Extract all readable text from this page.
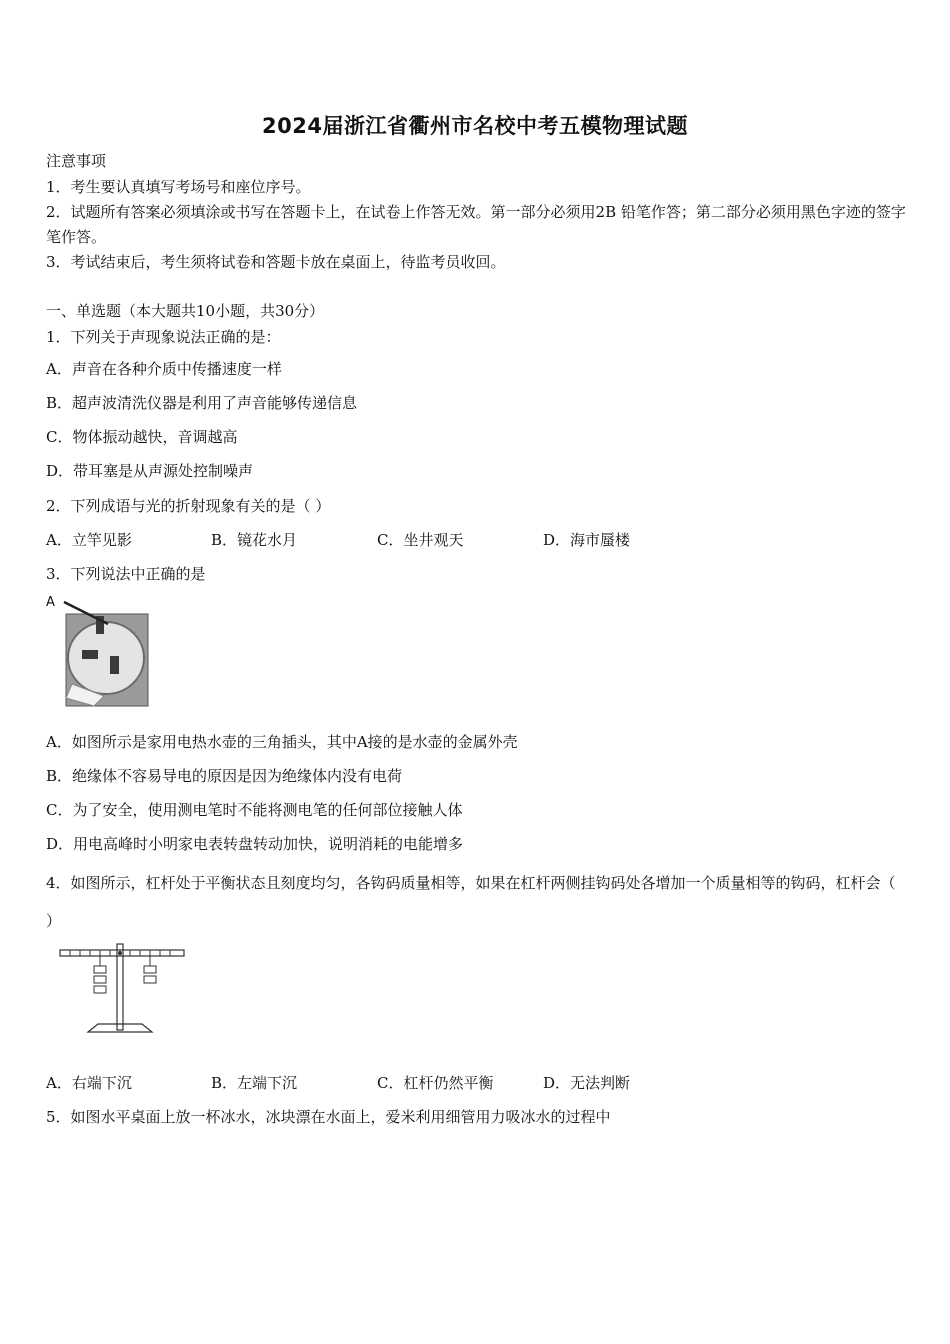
2024届浙江省衢州市名校中考五模物理试题
注意事项
1．考生要认真填写考场号和座位序号。
2．试题所有答案必须填涂或书写在答题卡上，在试卷上作答无效。第一部分必须用2B 铅笔作答；第二部分必须用黑色字迹的签字笔作答。
3．考试结束后，考生须将试卷和答题卡放在桌面上，待监考员收回。
一、单选题（本大题共10小题，共30分）
1．下列关于声现象说法正确的是：
A．声音在各种介质中传播速度一样
B．超声波清洗仪器是利用了声音能够传递信息
C．物体振动越快，音调越高
D．带耳塞是从声源处控制噪声
2．下列成语与光的折射现象有关的是（ ）
A．立竿见影	B．镜花水月	C．坐井观天	D．海市蜃楼
3．下列说法中正确的是
A
A．如图所示是家用电热水壶的三角插头，其中A接的是水壶的金属外壳
B．绝缘体不容易导电的原因是因为绝缘体内没有电荷
C．为了安全，使用测电笔时不能将测电笔的任何部位接触人体
D．用电高峰时小明家电表转盘转动加快，说明消耗的电能增多
4．如图所示，杠杆处于平衡状态且刻度均匀，各钩码质量相等，如果在杠杆两侧挂钩码处各增加一个质量相等的钩码，杠杆会（ ）
A．右端下沉	B．左端下沉	C．杠杆仍然平衡	D．无法判断
5．如图水平桌面上放一杯冰水，冰块漂在水面上，爱米利用细管用力吸冰水的过程中
